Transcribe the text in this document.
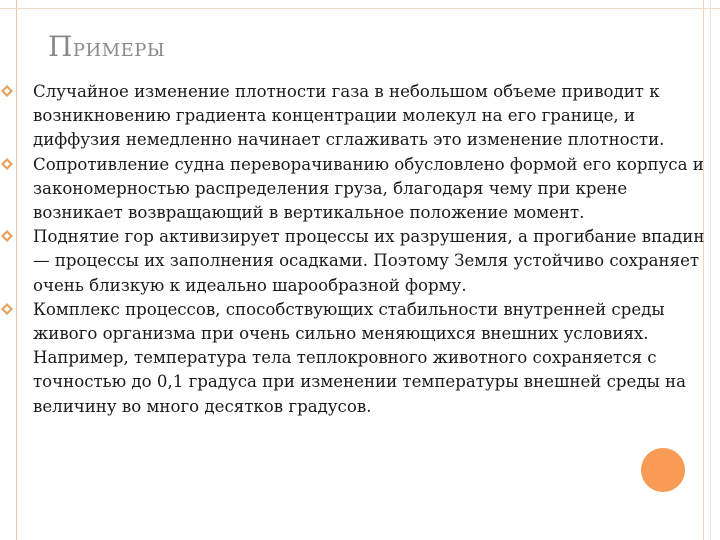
ПРИМЕРЫ
Случайное изменение плотности газа в небольшом объеме приводит к возникновению градиента концентрации молекул на его границе, и диффузия немедленно начинает сглаживать это изменение плотности.
Сопротивление судна переворачиванию обусловлено формой его корпуса и закономерностью распределения груза, благодаря чему при крене возникает возвращающий в вертикальное положение момент.
Поднятие гор активизирует процессы их разрушения, а прогибание впадин — процессы их заполнения осадками. Поэтому Земля устойчиво сохраняет очень близкую к идеально шарообразной форму.
Комплекс процессов, способствующих стабильности внутренней среды живого организма при очень сильно меняющихся внешних условиях. Например, температура тела теплокровного животного сохраняется с точностью до 0,1 градуса при изменении температуры внешней среды на величину во много десятков градусов.
